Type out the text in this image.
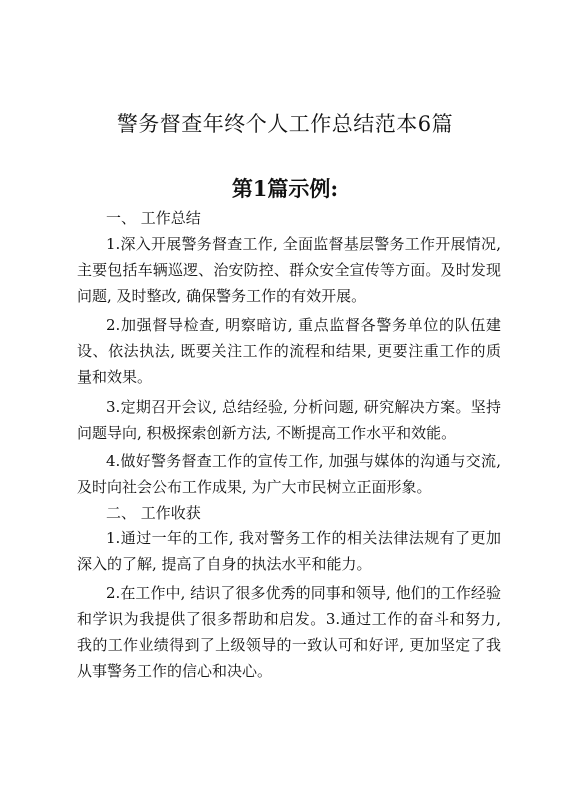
警务督查年终个人工作总结范本6篇
第1篇示例:
一、 工作总结
1.深入开展警务督查工作, 全面监督基层警务工作开展情况, 主要包括车辆巡逻、治安防控、群众安全宣传等方面。及时发现问题, 及时整改, 确保警务工作的有效开展。
2.加强督导检查, 明察暗访, 重点监督各警务单位的队伍建设、依法执法, 既要关注工作的流程和结果, 更要注重工作的质量和效果。
3.定期召开会议, 总结经验, 分析问题, 研究解决方案。坚持问题导向, 积极探索创新方法, 不断提高工作水平和效能。
4.做好警务督查工作的宣传工作, 加强与媒体的沟通与交流, 及时向社会公布工作成果, 为广大市民树立正面形象。
二、 工作收获
1.通过一年的工作, 我对警务工作的相关法律法规有了更加深入的了解, 提高了自身的执法水平和能力。
2.在工作中, 结识了很多优秀的同事和领导, 他们的工作经验和学识为我提供了很多帮助和启发。3.通过工作的奋斗和努力, 我的工作业绩得到了上级领导的一致认可和好评, 更加坚定了我从事警务工作的信心和决心。
